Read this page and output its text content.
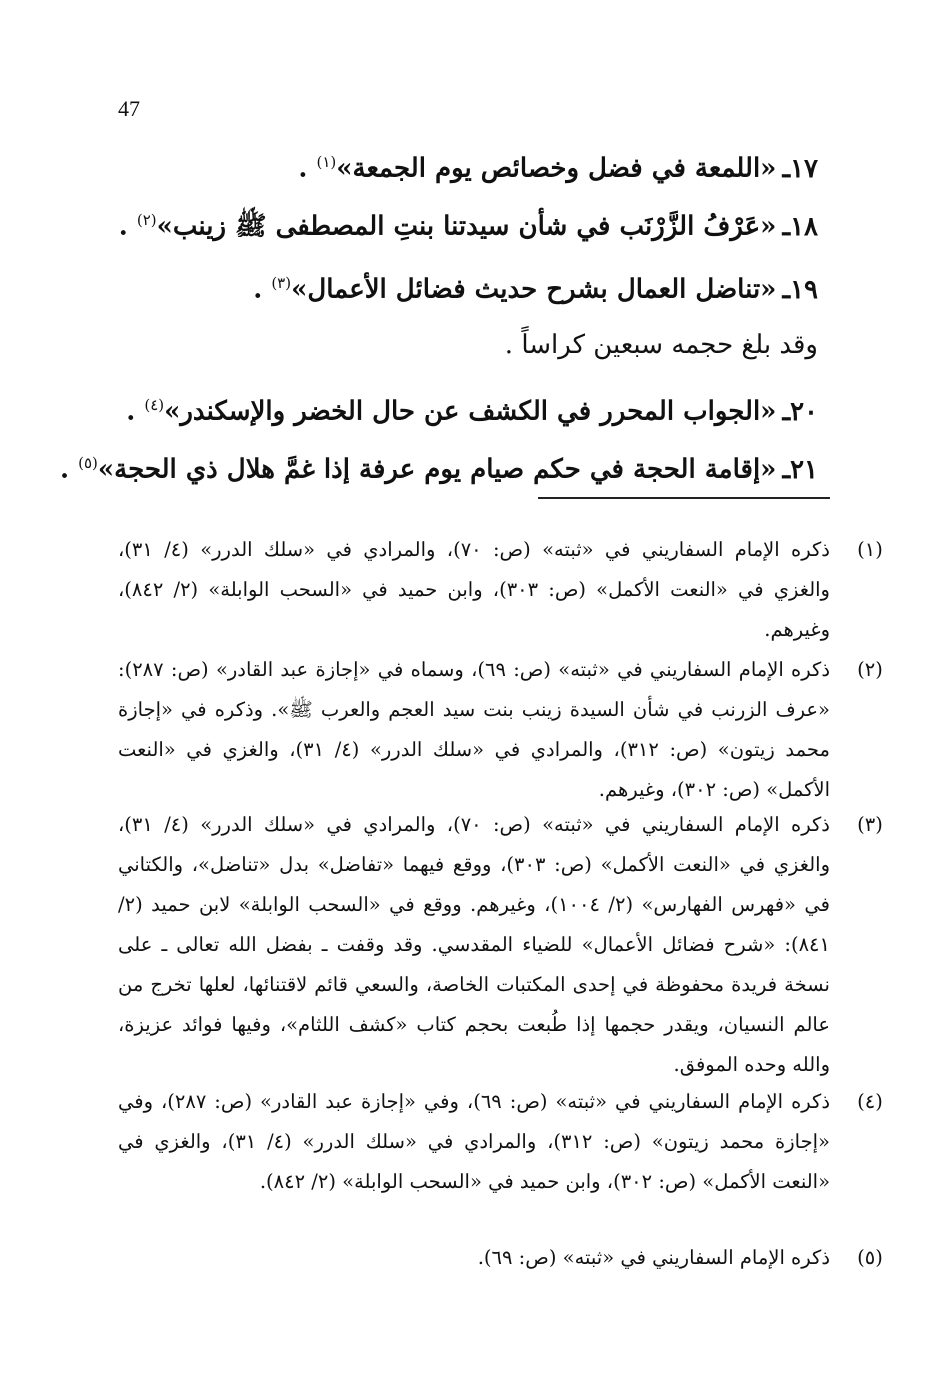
47
١٧ـ«اللمعة في فضل وخصائص يوم الجمعة»$^{(١)}$ .
١٨ـ«عَرْفُ الزَّرْنَب في شأن سيدتنا بنتِ المصطفى ﷺ زينب»$^{(٢)}$ .
١٩ـ«تناضل العمال بشرح حديث فضائل الأعمال»$^{(٣)}$ .
وقد بلغ حجمه سبعين كراساً .
٢٠ـ«الجواب المحرر في الكشف عن حال الخضر والإسكندر»$^{(٤)}$ .
٢١ـ«إقامة الحجة في حكم صيام يوم عرفة إذا غمَّ هلال ذي الحجة»$^{(٥)}$ .
(١)
ذكره الإمام السفاريني في «ثبته» (ص: ٧٠)، والمرادي في «سلك الدرر» (٤/ ٣١)، والغزي في «النعت الأكمل» (ص: ٣٠٣)، وابن حميد في «السحب الوابلة» (٢/ ٨٤٢)، وغيرهم.
(٢)
ذكره الإمام السفاريني في «ثبته» (ص: ٦٩)، وسماه في «إجازة عبد القادر» (ص: ٢٨٧): «عرف الزرنب في شأن السيدة زينب بنت سيد العجم والعرب ﷺ». وذكره في «إجازة محمد زيتون» (ص: ٣١٢)، والمرادي في «سلك الدرر» (٤/ ٣١)، والغزي في «النعت الأكمل» (ص: ٣٠٢)، وغيرهم.
(٣)
ذكره الإمام السفاريني في «ثبته» (ص: ٧٠)، والمرادي في «سلك الدرر» (٤/ ٣١)، والغزي في «النعت الأكمل» (ص: ٣٠٣)، ووقع فيهما «تفاضل» بدل «تناضل»، والكتاني في «فهرس الفهارس» (٢/ ١٠٠٤)، وغيرهم. ووقع في «السحب الوابلة» لابن حميد (٢/ ٨٤١): «شرح فضائل الأعمال» للضياء المقدسي. وقد وقفت ـ بفضل الله تعالى ـ على نسخة فريدة محفوظة في إحدى المكتبات الخاصة، والسعي قائم لاقتنائها، لعلها تخرج من عالم النسيان، ويقدر حجمها إذا طُبعت بحجم كتاب «كشف اللثام»، وفيها فوائد عزيزة، والله وحده الموفق.
(٤)
ذكره الإمام السفاريني في «ثبته» (ص: ٦٩)، وفي «إجازة عبد القادر» (ص: ٢٨٧)، وفي «إجازة محمد زيتون» (ص: ٣١٢)، والمرادي في «سلك الدرر» (٤/ ٣١)، والغزي في «النعت الأكمل» (ص: ٣٠٢)، وابن حميد في «السحب الوابلة» (٢/ ٨٤٢).
(٥)
ذكره الإمام السفاريني في «ثبته» (ص: ٦٩).
